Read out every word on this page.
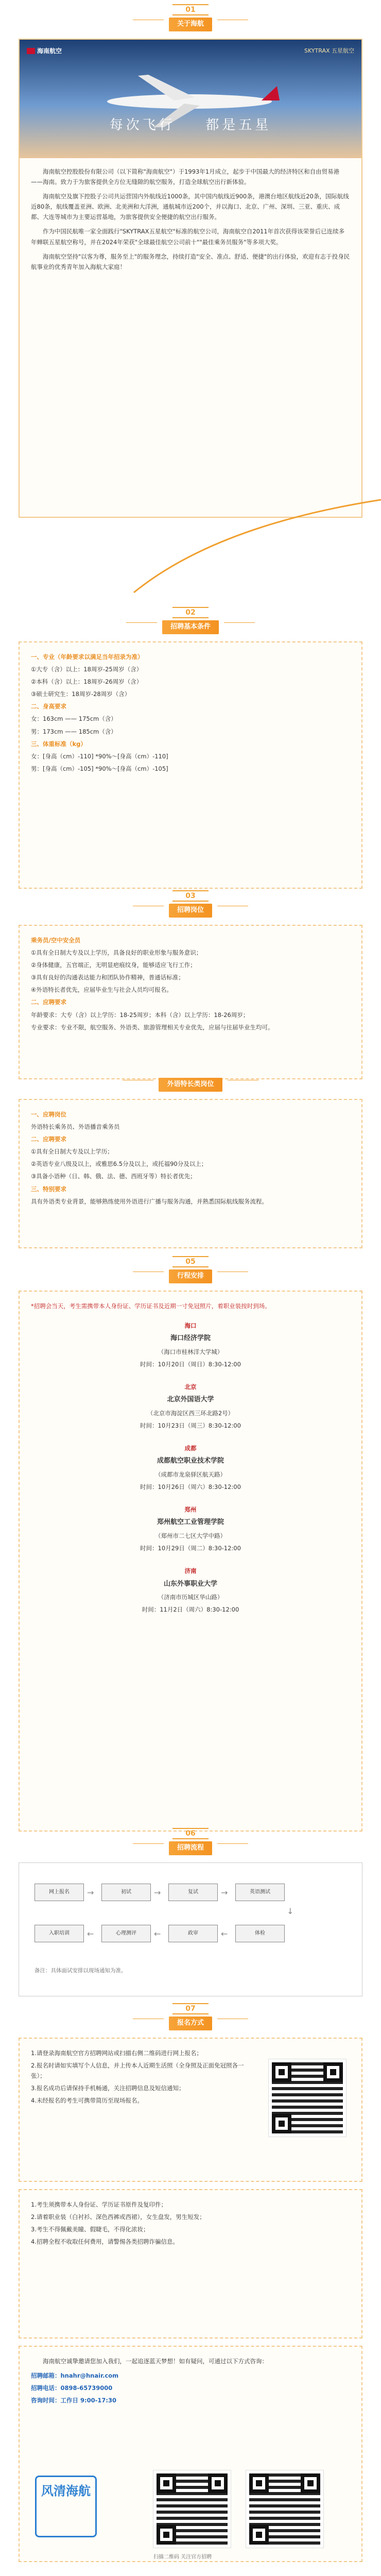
01
关于海航
海南航空	SKYTRAX 五星航空
每次飞行 都是五星

海南航空控股股份有限公司（以下简称"海南航空"）于1993年1月成立，起步于中国最大的经济特区和自由贸易港——海南。致力于为旅客提供全方位无缝隙的航空服务，打造全球航空出行新体验。

海南航空及旗下控股子公司共运营国内外航线近1000条，其中国内航线近900条，港澳台地区航线近20条，国际航线近80条，航线覆盖亚洲、欧洲、北美洲和大洋洲，通航城市近200个，并以海口、北京、广州、深圳、三亚、重庆、成都、大连等城市为主要运营基地，为旅客提供安全便捷的航空出行服务。

作为中国民航唯一家全面践行"SKYTRAX五星航空"标准的航空公司，海南航空自2011年首次获得该荣誉后已连续多年蝉联五星航空称号，并在2024年荣获"全球最佳航空公司前十""最佳乘务员服务"等多项大奖。

海南航空坚持"以客为尊，服务至上"的服务理念，持续打造"安全、准点、舒适、便捷"的出行体验，欢迎有志于投身民航事业的优秀青年加入海航大家庭！

02
招聘基本条件

一、专业（年龄要求以满足当年招录为准）

①大专（含）以上：18周岁-25周岁（含）

②本科（含）以上：18周岁-26周岁（含）

③硕士研究生：18周岁-28周岁（含）

二、身高要求

女：163cm —— 175cm（含）

男：173cm —— 185cm（含）

三、体重标准（kg）

女：[身高（cm）-110] *90%～[身高（cm）-110]

男：[身高（cm）-105] *90%～[身高（cm）-105]

03
招聘岗位

乘务员/空中安全员

①具有全日制大专及以上学历，具备良好的职业形象与服务意识；

②身体健康，五官端正，无明显疤痕纹身，能够适应飞行工作；

③具有良好的沟通表达能力和团队协作精神，普通话标准；

④外语特长者优先，应届毕业生与社会人员均可报名。

二、应聘要求

年龄要求：大专（含）以上学历：18-25周岁；本科（含）以上学历：18-26周岁；

专业要求：专业不限，航空服务、外语类、旅游管理相关专业优先，应届与往届毕业生均可。

外语特长类岗位

一、应聘岗位

外语特长乘务员、外语播音乘务员

二、应聘要求

①具有全日制大专及以上学历；

②英语专业八级及以上，或雅思6.5分及以上，或托福90分及以上；

③具备小语种（日、韩、俄、法、德、西班牙等）特长者优先；

三、特别要求

具有外语类专业背景，能够熟练使用外语进行广播与服务沟通，并熟悉国际航线服务流程。

05
行程安排

*招聘会当天，考生需携带本人身份证、学历证书及近期一寸免冠照片，着职业装按时到场。

海口

海口经济学院

（海口市桂林洋大学城）

时间：10月20日（周日）8:30-12:00

北京

北京外国语大学

（北京市海淀区西三环北路2号）

时间：10月23日（周三）8:30-12:00

成都

成都航空职业技术学院

（成都市龙泉驿区航天路）

时间：10月26日（周六）8:30-12:00

郑州

郑州航空工业管理学院

（郑州市二七区大学中路）

时间：10月29日（周二）8:30-12:00

济南

山东外事职业大学

（济南市历城区华山路）

时间：11月2日（周六）8:30-12:00

06
招聘流程
网上报名	→	初试	→	复试	→	英语测试
↓
体检
←
政审
←
心理测评
←
入职培训

备注：具体面试安排以现场通知为准。

07
报名方式

1.请登录海南航空官方招聘网站或扫描右侧二维码进行网上报名；

2.报名时请如实填写个人信息，并上传本人近期生活照（全身照及正面免冠照各一张）；

3.报名成功后请保持手机畅通，关注招聘信息及短信通知；

4.未经报名的考生可携带简历至现场报名。

1.考生须携带本人身份证、学历证书原件及复印件；

2.请着职业装（白衬衫、深色西裤或西裙），女生盘发，男生短发；

3.考生不得佩戴美瞳、假睫毛，不得化浓妆；

4.招聘全程不收取任何费用，请警惕各类招聘诈骗信息。

海南航空诚挚邀请您加入我们，一起追逐蓝天梦想！如有疑问，可通过以下方式咨询：

招聘邮箱：hnahr@hnair.com

招聘电话：0898-65739000

咨询时间：工作日 9:00-17:30

风清海航

扫描二维码 关注官方招聘
